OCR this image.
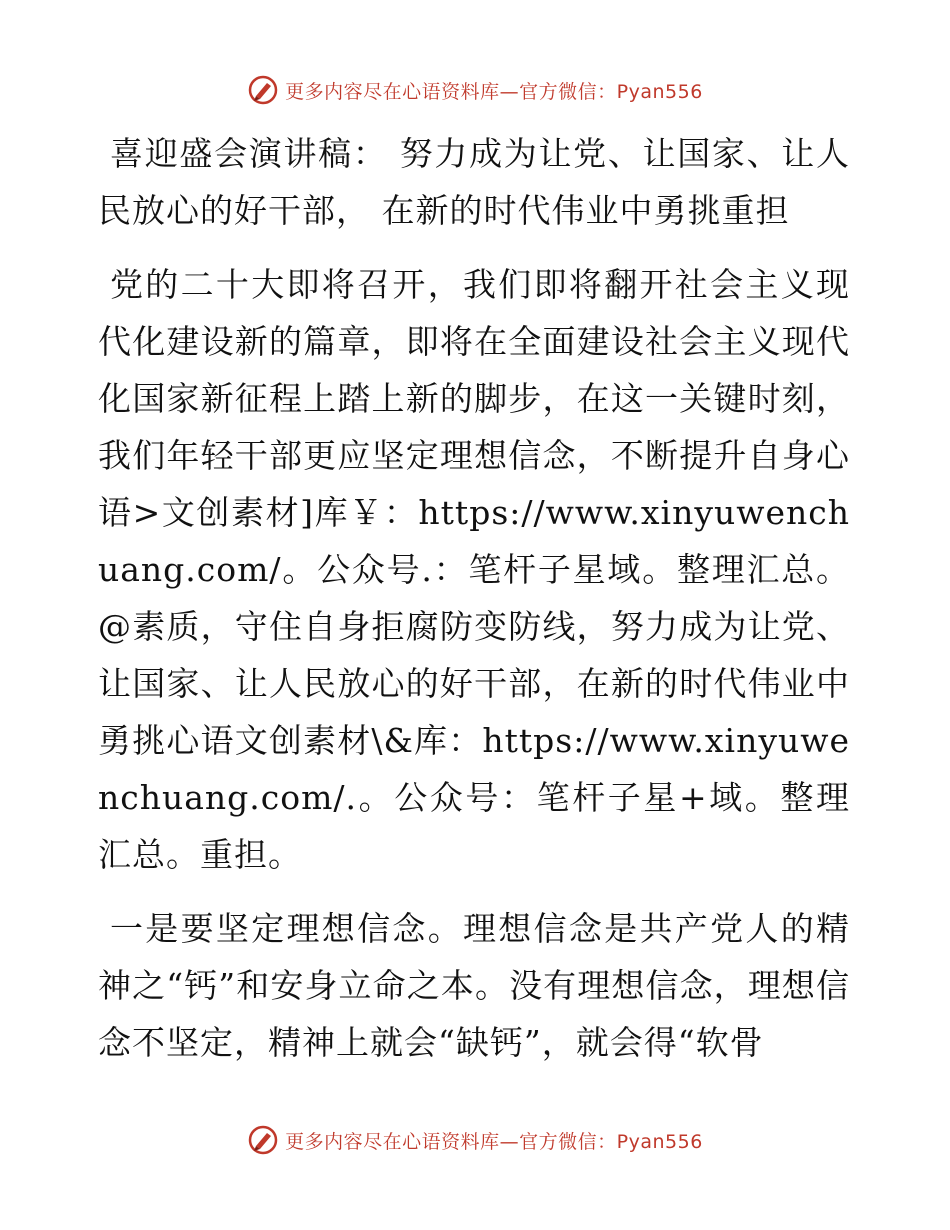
更多内容尽在心语资料库—官方微信：Pyan556

喜迎盛会演讲稿： 努力成为让党、让国家、让人民放心的好干部， 在新的时代伟业中勇挑重担

党的二十大即将召开，我们即将翻开社会主义现代化建设新的篇章，即将在全面建设社会主义现代化国家新征程上踏上新的脚步，在这一关键时刻，我们年轻干部更应坚定理想信念，不断提升自身心语>文创素材]库￥：https://www.xinyuwenchuang.com/。公众号.：笔杆子星域。整理汇总。@素质，守住自身拒腐防变防线，努力成为让党、让国家、让人民放心的好干部，在新的时代伟业中勇挑心语文创素材\&库：https://www.xinyuwenchuang.com/.。公众号：笔杆子星+域。整理汇总。重担。

一是要坚定理想信念。理想信念是共产党人的精神之“钙”和安身立命之本。没有理想信念，理想信念不坚定，精神上就会“缺钙”，就会得“软骨

更多内容尽在心语资料库—官方微信：Pyan556
